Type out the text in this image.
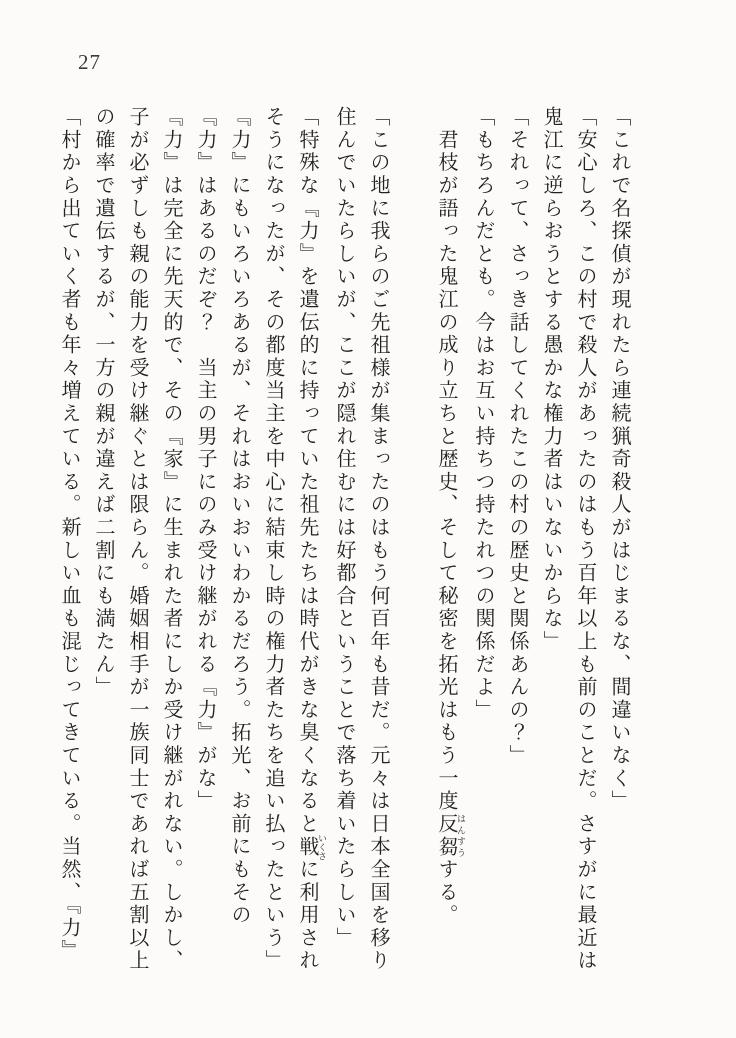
27
「これで名探偵が現れたら連続猟奇殺人がはじまるな、間違いなく」
「安心しろ、この村で殺人があったのはもう百年以上も前のことだ。さすがに最近は
鬼江に逆らおうとする愚かな権力者はいないからな」
「それって、さっき話してくれたこの村の歴史と関係あんの？」
「もちろんだとも。今はお互い持ちつ持たれつの関係だよ」
　君枝が語った鬼江の成り立ちと歴史、そして秘密を拓光はもう一度反芻 はんすうする。
「この地に我らのご先祖様が集まったのはもう何百年も昔だ。元々は日本全国を移り
住んでいたらしいが、ここが隠れ住むには好都合ということで落ち着いたらしい」
「特殊な『力』を遺伝的に持っていた祖先たちは時代がきな臭くなると戦 いくさに利用され
そうになったが、その都度当主を中心に結束し時の権力者たちを追い払ったという」
『力』にもいろいろあるが、それはおいおいわかるだろう。拓光、お前にもその
『力』はあるのだぞ？　当主の男子にのみ受け継がれる『力』がな」
『力』は完全に先天的で、その『家』に生まれた者にしか受け継がれない。しかし、
子が必ずしも親の能力を受け継ぐとは限らん。婚姻相手が一族同士であれば五割以上
の確率で遺伝するが、一方の親が違えば二割にも満たん」
「村から出ていく者も年々増えている。新しい血も混じってきている。当然、『力』
